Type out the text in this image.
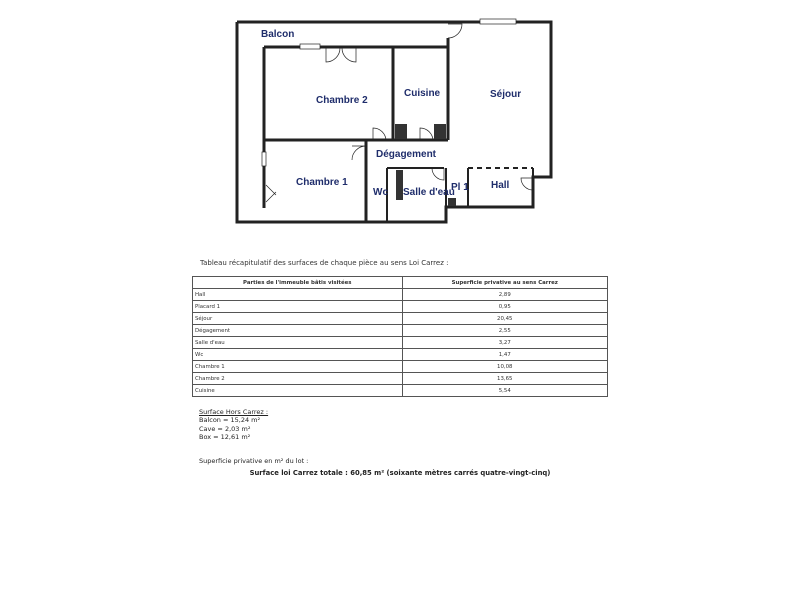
Balcon
Chambre 2
Cuisine	Séjour
Dégagement
Chambre 1
Wc Salle d'eau
Pl 1 Hall
Tableau récapitulatif des surfaces de chaque pièce au sens Loi Carrez :
Parties de l'immeuble bâtis visitées	Superficie privative au sens Carrez
Hall	2,89
Placard 1	0,95
Séjour	20,45
Dégagement	2,55
Salle d'eau	3,27
Wc	1,47
Chambre 1	10,08
Chambre 2	13,65
Cuisine	5,54
Surface Hors Carrez :
Balcon = 15,24 m²
Cave = 2,03 m²
Box = 12,61 m²
Superficie privative en m² du lot :
Surface loi Carrez totale : 60,85 m² (soixante mètres carrés quatre-vingt-cinq)
